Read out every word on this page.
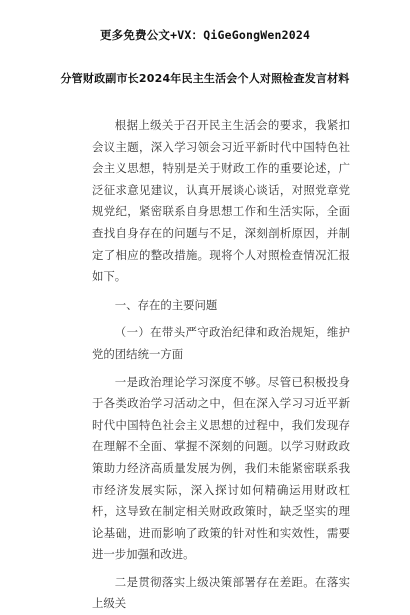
更多免费公文+VX：QiGeGongWen2024
分管财政副市长2024年民主生活会个人对照检查发言材料

根据上级关于召开民主生活会的要求，我紧扣会议主题，深入学习领会习近平新时代中国特色社会主义思想，特别是关于财政工作的重要论述，广泛征求意见建议，认真开展谈心谈话，对照党章党规党纪，紧密联系自身思想工作和生活实际，全面查找自身存在的问题与不足，深刻剖析原因，并制定了相应的整改措施。现将个人对照检查情况汇报如下。

一、存在的主要问题

（一）在带头严守政治纪律和政治规矩，维护党的团结统一方面

一是政治理论学习深度不够。尽管已积极投身于各类政治学习活动之中，但在深入学习习近平新时代中国特色社会主义思想的过程中，我们发现存在理解不全面、掌握不深刻的问题。以学习财政政策助力经济高质量发展为例，我们未能紧密联系我市经济发展实际，深入探讨如何精确运用财政杠杆，这导致在制定相关财政政策时，缺乏坚实的理论基础，进而影响了政策的针对性和实效性，需要进一步加强和改进。

二是贯彻落实上级决策部署存在差距。在落实上级关
